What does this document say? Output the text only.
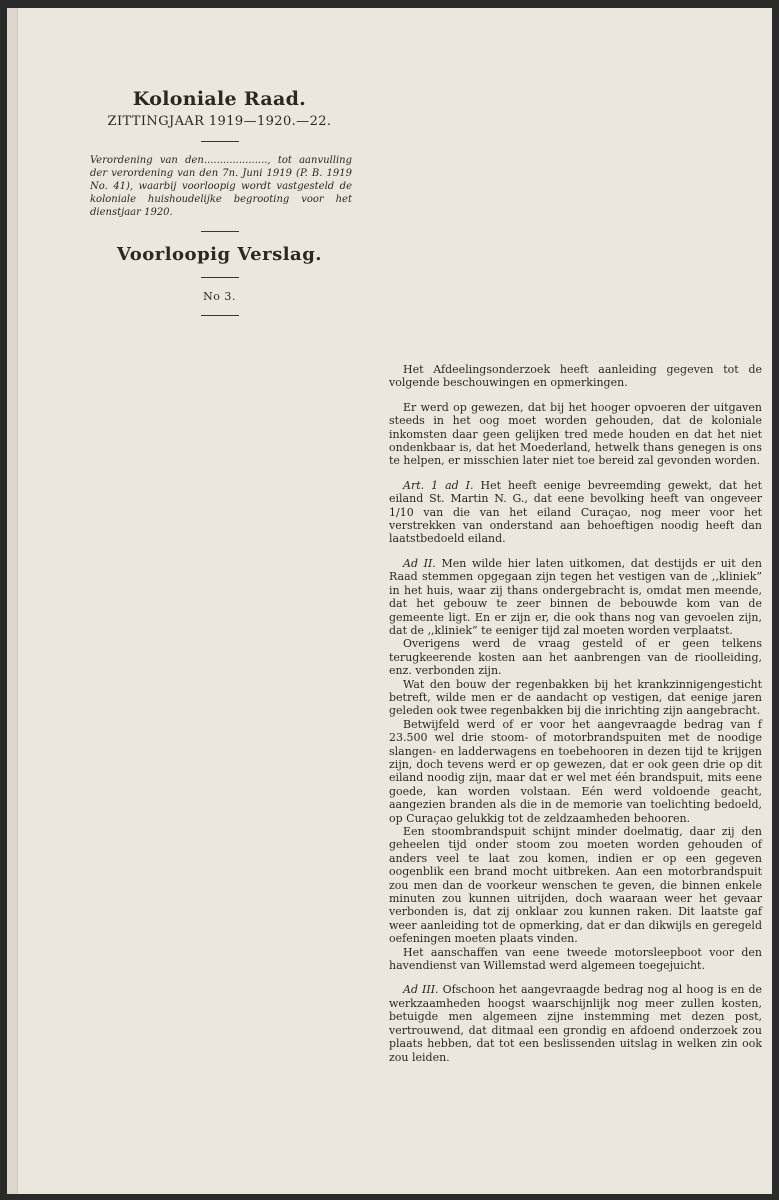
Koloniale Raad.

ZITTINGJAAR 1919—1920.—22.

Verordening van den...................., tot aanvulling der verordening van den 7n. Juni 1919 (P. B. 1919 No. 41), waarbij voorloopig wordt vastgesteld de koloniale huishoudelijke begrooting voor het dienstjaar 1920.

Voorloopig Verslag.

No 3.

Het Afdeelingsonderzoek heeft aanleiding gegeven tot de volgende beschouwingen en opmerkingen.

Er werd op gewezen, dat bij het hooger opvoeren der uitgaven steeds in het oog moet worden gehouden, dat de koloniale inkomsten daar geen gelijken tred mede houden en dat het niet ondenkbaar is, dat het Moederland, hetwelk thans genegen is ons te helpen, er misschien later niet toe bereid zal gevonden worden.

Art. 1 ad I. Het heeft eenige bevreemding gewekt, dat het eiland St. Martin N. G., dat eene bevolking heeft van ongeveer 1/10 van die van het eiland Curaçao, nog meer voor het verstrekken van onderstand aan behoeftigen noodig heeft dan laatstbedoeld eiland.

Ad II. Men wilde hier laten uitkomen, dat destijds er uit den Raad stemmen opgegaan zijn tegen het vestigen van de ,,kliniek” in het huis, waar zij thans ondergebracht is, omdat men meende, dat het gebouw te zeer binnen de bebouwde kom van de gemeente ligt. En er zijn er, die ook thans nog van gevoelen zijn, dat de ,,kliniek” te eeniger tijd zal moeten worden verplaatst.

Overigens werd de vraag gesteld of er geen telkens terugkeerende kosten aan het aanbrengen van de rioolleiding, enz. verbonden zijn.

Wat den bouw der regenbakken bij het krankzinnigengesticht betreft, wilde men er de aandacht op vestigen, dat eenige jaren geleden ook twee regenbakken bij die inrichting zijn aangebracht.

Betwijfeld werd of er voor het aangevraagde bedrag van f 23.500 wel drie stoom- of motorbrandspuiten met de noodige slangen- en ladderwagens en toebehooren in dezen tijd te krijgen zijn, doch tevens werd er op gewezen, dat er ook geen drie op dit eiland noodig zijn, maar dat er wel met één brandspuit, mits eene goede, kan worden volstaan. Eén werd voldoende geacht, aangezien branden als die in de memorie van toelichting bedoeld, op Curaçao gelukkig tot de zeldzaamheden behooren.

Een stoombrandspuit schijnt minder doelmatig, daar zij den geheelen tijd onder stoom zou moeten worden gehouden of anders veel te laat zou komen, indien er op een gegeven oogenblik een brand mocht uitbreken. Aan een motorbrandspuit zou men dan de voorkeur wenschen te geven, die binnen enkele minuten zou kunnen uitrijden, doch waaraan weer het gevaar verbonden is, dat zij onklaar zou kunnen raken. Dit laatste gaf weer aanleiding tot de opmerking, dat er dan dikwijls en geregeld oefeningen moeten plaats vinden.

Het aanschaffen van eene tweede motorsleepboot voor den havendienst van Willemstad werd algemeen toegejuicht.

Ad III. Ofschoon het aangevraagde bedrag nog al hoog is en de werkzaamheden hoogst waarschijnlijk nog meer zullen kosten, betuigde men algemeen zijne instemming met dezen post, vertrouwend, dat ditmaal een grondig en afdoend onderzoek zou plaats hebben, dat tot een beslissenden uitslag in welken zin ook zou leiden.
